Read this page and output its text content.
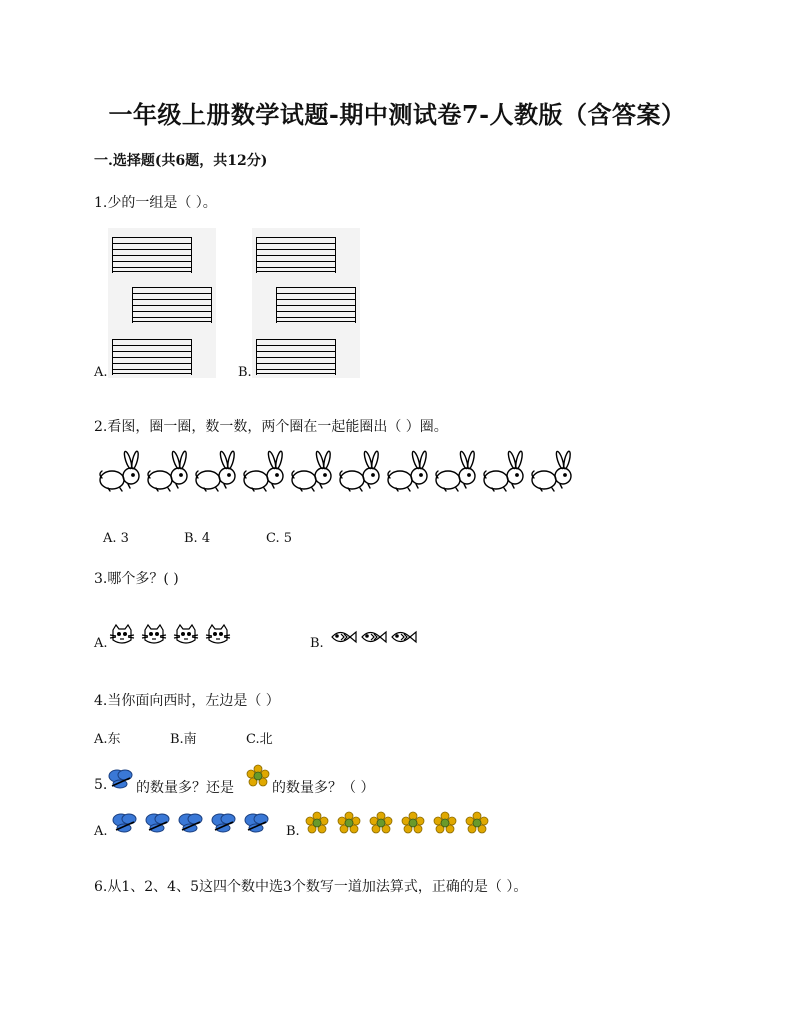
一年级上册数学试题-期中测试卷7-人教版（含答案）
一.选择题(共6题，共12分)
1.少的一组是（ ）。
A.	B.
2.看图，圈一圈，数一数，两个圈在一起能圈出（ ）圈。
A. 3	B. 4	C. 5
3.哪个多？( )
A.	B.
4.当你面向西时，左边是（ ）
A.东	B.南	C.北
5. 的数量多？还是	的数量多？（ ）
A.	B.
6.从1、2、4、5这四个数中选3个数写一道加法算式，正确的是（ ）。
